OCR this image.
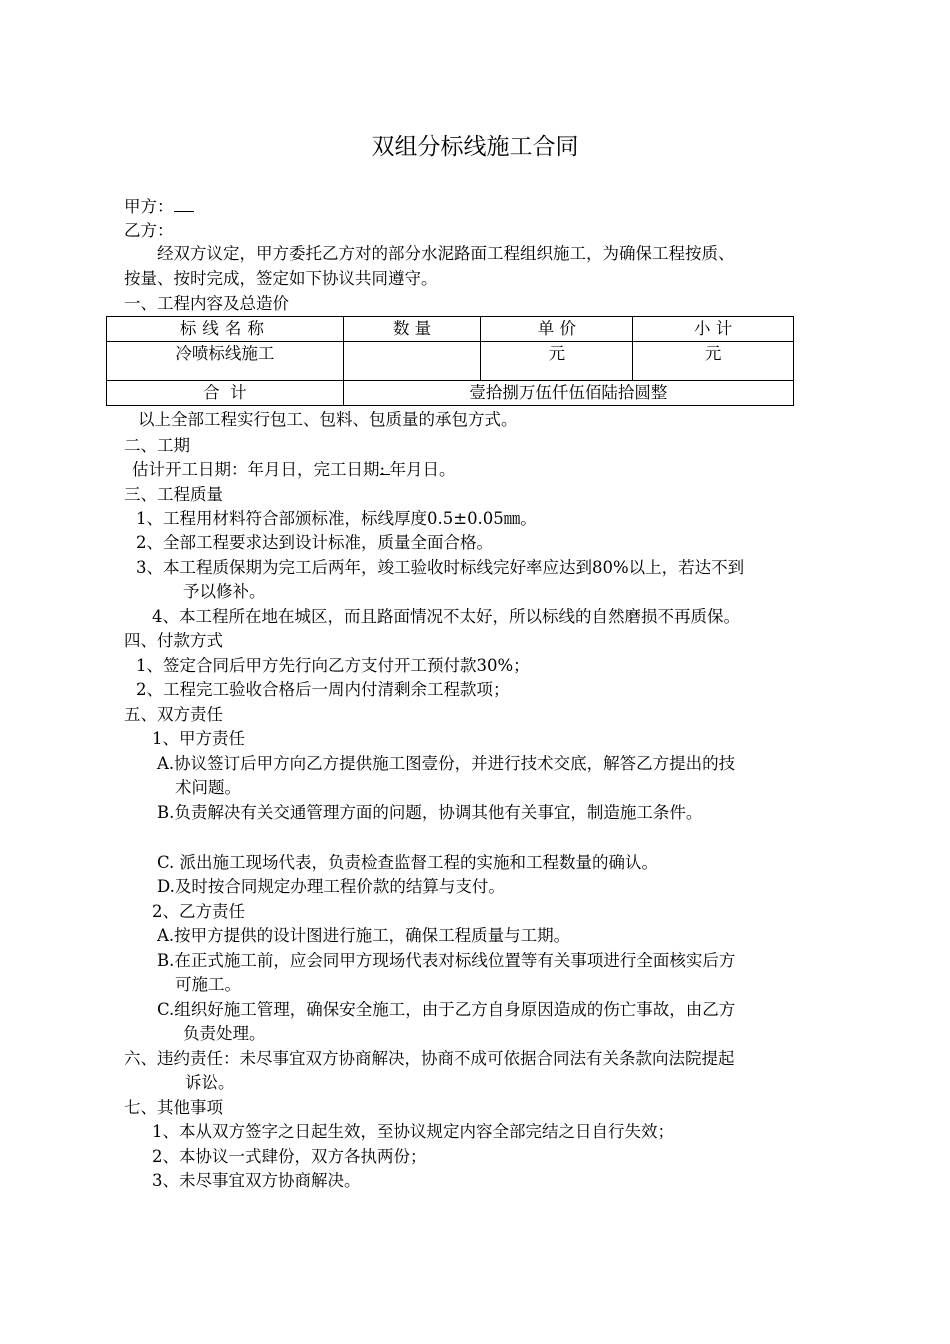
双组分标线施工合同
甲方：
乙方：
经双方议定，甲方委托乙方对的部分水泥路面工程组织施工，为确保工程按质、
按量、按时完成，签定如下协议共同遵守。
一、工程内容及总造价
标线名称	数 量	单 价	小 计
冷喷标线施工		元	元
合  计	壹拾捌万伍仟伍佰陆拾圆整		
以上全部工程实行包工、包料、包质量的承包方式。
二、工期
估计开工日期：年月日，完工日期: 年月日。
三、工程质量
1、工程用材料符合部颁标准，标线厚度0.5±0.05㎜。
2、全部工程要求达到设计标准，质量全面合格。
3、本工程质保期为完工后两年，竣工验收时标线完好率应达到80%以上，若达不到
予以修补。
4、本工程所在地在城区，而且路面情况不太好，所以标线的自然磨损不再质保。
四、付款方式
1、签定合同后甲方先行向乙方支付开工预付款30%；
2、工程完工验收合格后一周内付清剩余工程款项；
五、双方责任
1、甲方责任
A.协议签订后甲方向乙方提供施工图壹份，并进行技术交底，解答乙方提出的技
术问题。
B.负责解决有关交通管理方面的问题，协调其他有关事宜，制造施工条件。
C. 派出施工现场代表，负责检查监督工程的实施和工程数量的确认。
D.及时按合同规定办理工程价款的结算与支付。
2、乙方责任
A.按甲方提供的设计图进行施工，确保工程质量与工期。
B.在正式施工前，应会同甲方现场代表对标线位置等有关事项进行全面核实后方
可施工。
C.组织好施工管理，确保安全施工，由于乙方自身原因造成的伤亡事故，由乙方
负责处理。
六、违约责任：未尽事宜双方协商解决，协商不成可依据合同法有关条款向法院提起
诉讼。
七、其他事项
1、本从双方签字之日起生效，至协议规定内容全部完结之日自行失效；
2、本协议一式肆份，双方各执两份；
3、未尽事宜双方协商解决。
